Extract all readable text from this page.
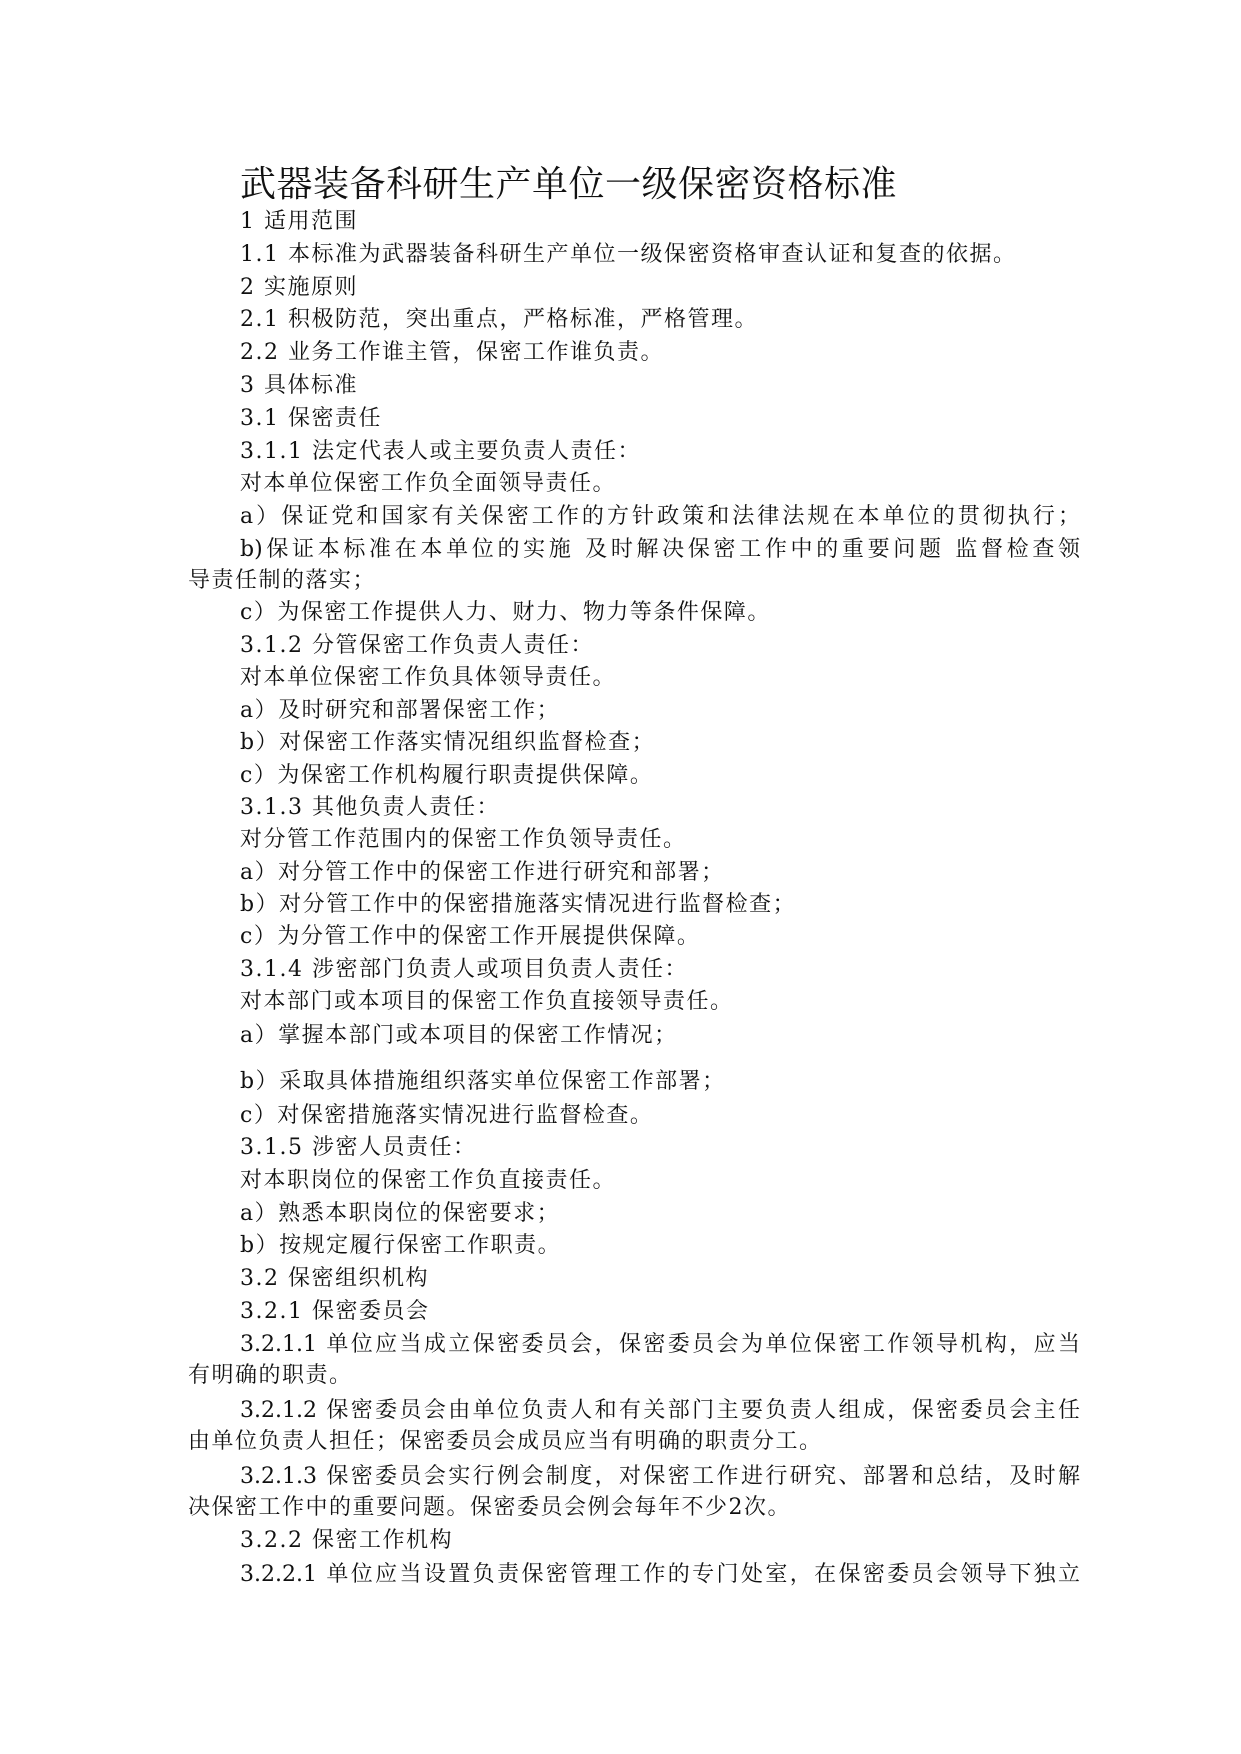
武器装备科研生产单位一级保密资格标准
1 适用范围
1.1 本标准为武器装备科研生产单位一级保密资格审查认证和复查的依据。
2 实施原则
2.1 积极防范，突出重点，严格标准，严格管理。
2.2 业务工作谁主管，保密工作谁负责。
3 具体标准
3.1 保密责任
3.1.1 法定代表人或主要负责人责任：
对本单位保密工作负全面领导责任。
a）保证党和国家有关保密工作的方针政策和法律法规在本单位的贯彻执行；
b)保证本标准在本单位的实施 及时解决保密工作中的重要问题 监督检查领
导责任制的落实；
c）为保密工作提供人力、财力、物力等条件保障。
3.1.2 分管保密工作负责人责任：
对本单位保密工作负具体领导责任。
a）及时研究和部署保密工作；
b）对保密工作落实情况组织监督检查；
c）为保密工作机构履行职责提供保障。
3.1.3 其他负责人责任：
对分管工作范围内的保密工作负领导责任。
a）对分管工作中的保密工作进行研究和部署；
b）对分管工作中的保密措施落实情况进行监督检查；
c）为分管工作中的保密工作开展提供保障。
3.1.4 涉密部门负责人或项目负责人责任：
对本部门或本项目的保密工作负直接领导责任。
a）掌握本部门或本项目的保密工作情况；
b）采取具体措施组织落实单位保密工作部署；
c）对保密措施落实情况进行监督检查。
3.1.5 涉密人员责任：
对本职岗位的保密工作负直接责任。
a）熟悉本职岗位的保密要求；
b）按规定履行保密工作职责。
3.2 保密组织机构
3.2.1 保密委员会
3.2.1.1 单位应当成立保密委员会，保密委员会为单位保密工作领导机构，应当
有明确的职责。
3.2.1.2 保密委员会由单位负责人和有关部门主要负责人组成，保密委员会主任
由单位负责人担任；保密委员会成员应当有明确的职责分工。
3.2.1.3 保密委员会实行例会制度，对保密工作进行研究、部署和总结，及时解
决保密工作中的重要问题。保密委员会例会每年不少2次。
3.2.2 保密工作机构
3.2.2.1 单位应当设置负责保密管理工作的专门处室，在保密委员会领导下独立
